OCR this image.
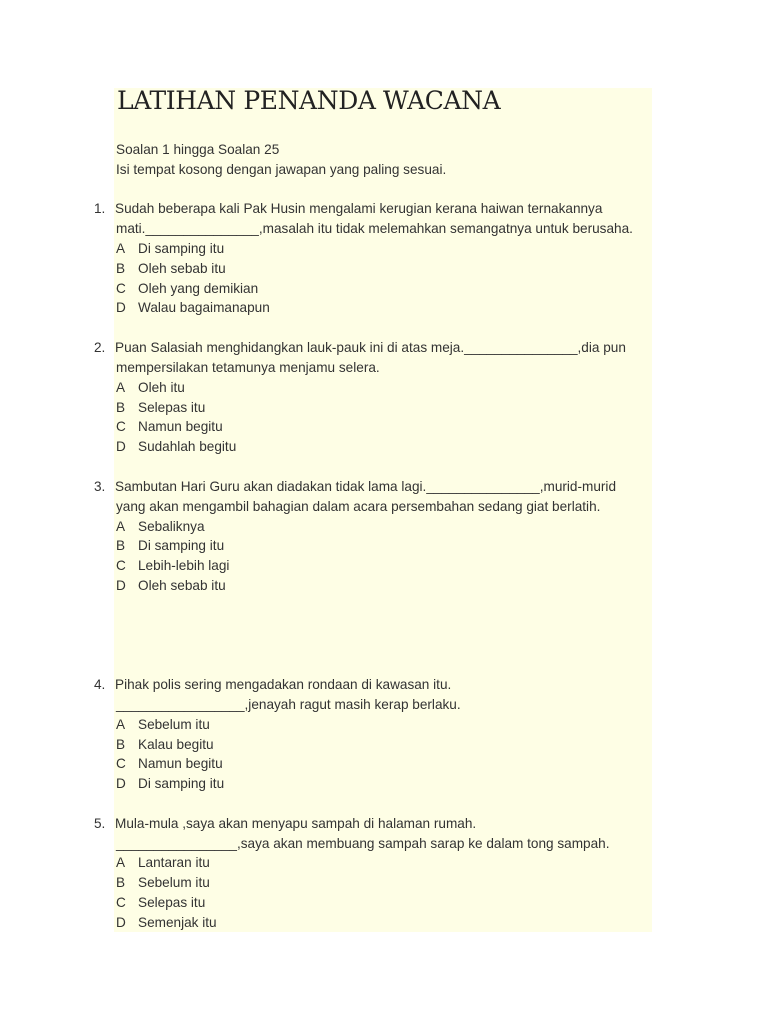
LATIHAN PENANDA WACANA
Soalan 1 hingga Soalan 25
Isi tempat kosong dengan jawapan yang paling sesuai.
1. Sudah beberapa kali Pak Husin mengalami kerugian kerana haiwan ternakannya
mati._______________,masalah itu tidak melemahkan semangatnya untuk berusaha.
A Di samping itu
B Oleh sebab itu
C Oleh yang demikian
D Walau bagaimanapun
2. Puan Salasiah menghidangkan lauk-pauk ini di atas meja._______________,dia pun
mempersilakan tetamunya menjamu selera.
A Oleh itu
B Selepas itu
C Namun begitu
D Sudahlah begitu
3. Sambutan Hari Guru akan diadakan tidak lama lagi._______________,murid-murid
yang akan mengambil bahagian dalam acara persembahan sedang giat berlatih.
A Sebaliknya
B Di samping itu
C Lebih-lebih lagi
D Oleh sebab itu
4. Pihak polis sering mengadakan rondaan di kawasan itu.
_________________,jenayah ragut masih kerap berlaku.
A Sebelum itu
B Kalau begitu
C Namun begitu
D Di samping itu
5. Mula-mula ,saya akan menyapu sampah di halaman rumah.
________________,saya akan membuang sampah sarap ke dalam tong sampah.
A Lantaran itu
B Sebelum itu
C Selepas itu
D Semenjak itu
